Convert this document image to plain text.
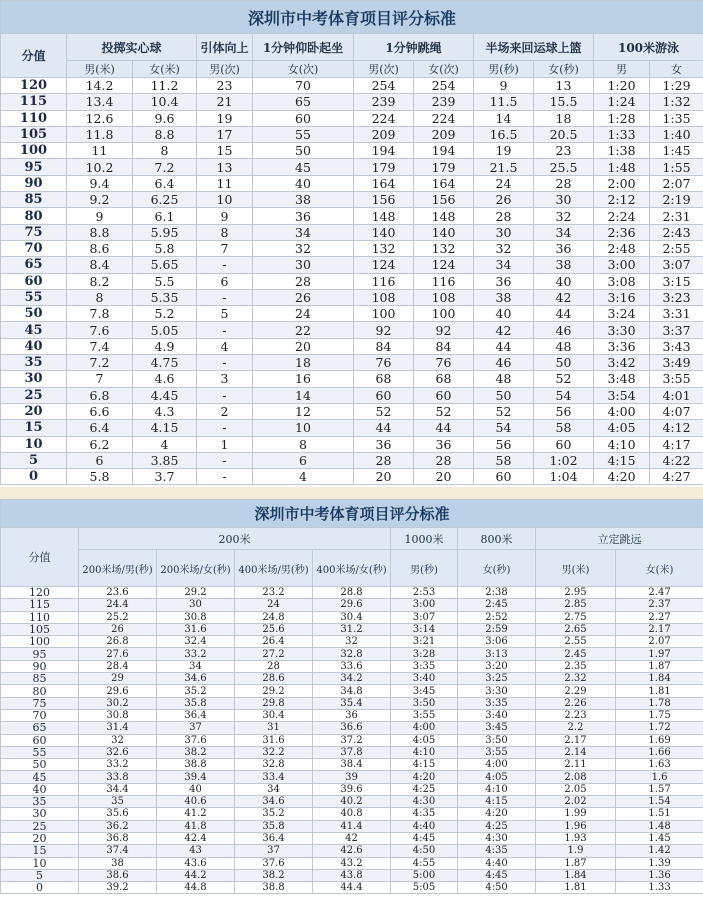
深圳市中考体育项目评分标准										
分值	投掷实心球		引体向上	1分钟仰卧起坐	1分钟跳绳		半场来回运球上篮		100米游泳	
	男(米)	女(米)	男(次)	女(次)	男(次)	女(次)	男(秒)	女(秒)	男	女
120	14.2	11.2	23	70	254	254	9	13	1:20	1:29
115	13.4	10.4	21	65	239	239	11.5	15.5	1:24	1:32
110	12.6	9.6	19	60	224	224	14	18	1:28	1:35
105	11.8	8.8	17	55	209	209	16.5	20.5	1:33	1:40
100	11	8	15	50	194	194	19	23	1:38	1:45
95	10.2	7.2	13	45	179	179	21.5	25.5	1:48	1:55
90	9.4	6.4	11	40	164	164	24	28	2:00	2:07
85	9.2	6.25	10	38	156	156	26	30	2:12	2:19
80	9	6.1	9	36	148	148	28	32	2:24	2:31
75	8.8	5.95	8	34	140	140	30	34	2:36	2:43
70	8.6	5.8	7	32	132	132	32	36	2:48	2:55
65	8.4	5.65	-	30	124	124	34	38	3:00	3:07
60	8.2	5.5	6	28	116	116	36	40	3:08	3:15
55	8	5.35	-	26	108	108	38	42	3:16	3:23
50	7.8	5.2	5	24	100	100	40	44	3:24	3:31
45	7.6	5.05	-	22	92	92	42	46	3:30	3:37
40	7.4	4.9	4	20	84	84	44	48	3:36	3:43
35	7.2	4.75	-	18	76	76	46	50	3:42	3:49
30	7	4.6	3	16	68	68	48	52	3:48	3:55
25	6.8	4.45	-	14	60	60	50	54	3:54	4:01
20	6.6	4.3	2	12	52	52	52	56	4:00	4:07
15	6.4	4.15	-	10	44	44	54	58	4:05	4:12
10	6.2	4	1	8	36	36	56	60	4:10	4:17
5	6	3.85	-	6	28	28	58	1:02	4:15	4:22
0	5.8	3.7	-	4	20	20	60	1:04	4:20	4:27
深圳市中考体育项目评分标准								
分值	200米				1000米	800米	立定跳远	
	200米场/男(秒)	200米场/女(秒)	400米场/男(秒)	400米场/女(秒)	男(秒)	女(秒)	男(米)	女(米)
120	23.6	29.2	23.2	28.8	2:53	2:38	2.95	2.47
115	24.4	30	24	29.6	3:00	2:45	2.85	2.37
110	25.2	30.8	24.8	30.4	3:07	2:52	2.75	2.27
105	26	31.6	25.6	31.2	3:14	2:59	2.65	2.17
100	26.8	32.4	26.4	32	3:21	3:06	2.55	2.07
95	27.6	33.2	27.2	32.8	3:28	3:13	2.45	1.97
90	28.4	34	28	33.6	3:35	3:20	2.35	1.87
85	29	34.6	28.6	34.2	3:40	3:25	2.32	1.84
80	29.6	35.2	29.2	34.8	3:45	3:30	2.29	1.81
75	30.2	35.8	29.8	35.4	3:50	3:35	2.26	1.78
70	30.8	36.4	30.4	36	3:55	3:40	2.23	1.75
65	31.4	37	31	36.6	4:00	3:45	2.2	1.72
60	32	37.6	31.6	37.2	4:05	3:50	2.17	1.69
55	32.6	38.2	32.2	37.8	4:10	3:55	2.14	1.66
50	33.2	38.8	32.8	38.4	4:15	4:00	2.11	1.63
45	33.8	39.4	33.4	39	4:20	4:05	2.08	1.6
40	34.4	40	34	39.6	4:25	4:10	2.05	1.57
35	35	40.6	34.6	40.2	4:30	4:15	2.02	1.54
30	35.6	41.2	35.2	40.8	4:35	4:20	1.99	1.51
25	36.2	41.8	35.8	41.4	4:40	4:25	1.96	1.48
20	36.8	42.4	36.4	42	4:45	4:30	1.93	1.45
15	37.4	43	37	42.6	4:50	4:35	1.9	1.42
10	38	43.6	37.6	43.2	4:55	4:40	1.87	1.39
5	38.6	44.2	38.2	43.8	5:00	4:45	1.84	1.36
0	39.2	44.8	38.8	44.4	5:05	4:50	1.81	1.33
